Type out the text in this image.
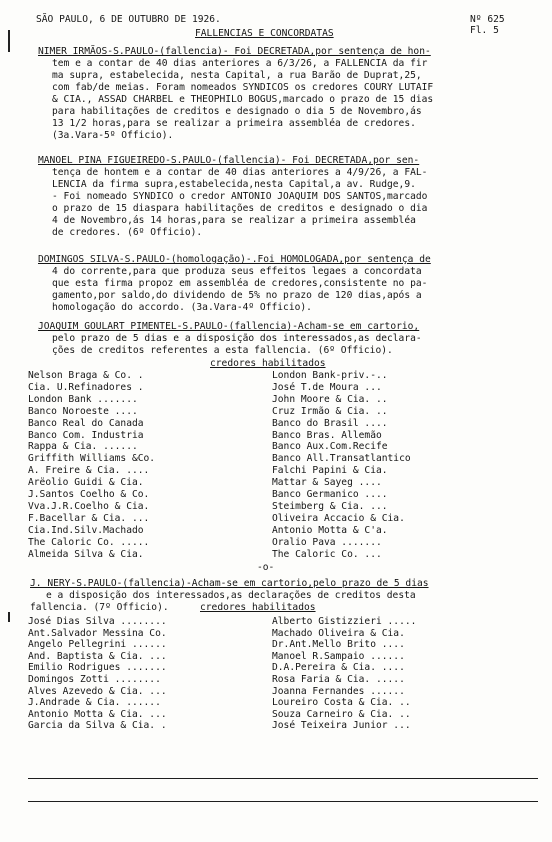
SÃO PAULO, 6 DE OUTUBRO DE 1926.	Nº 625
Fl. 5
FALLENCIAS E CONCORDATAS
NIMER IRMÃOS-S.PAULO-(fallencia)- Foi DECRETADA,por sentença de hon-
tem e a contar de 40 dias anteriores a 6/3/26, a FALLENCIA da fir
ma supra, estabelecida, nesta Capital, a rua Barão de Duprat,25,
com fab/de meias. Foram nomeados SYNDICOS os credores COURY LUTAIF
& CIA., ASSAD CHARBEL e THEOPHILO BOGUS,marcado o prazo de 15 dias
para habilitações de creditos e designado o dia 5 de Novembro,ás
13 1/2 horas,para se realizar a primeira assembléa de credores.
(3a.Vara-5º Officio).
MANOEL PINA FIGUEIREDO-S.PAULO-(fallencia)- Foi DECRETADA,por sen-
tença de hontem e a contar de 40 dias anteriores a 4/9/26, a FAL-
LENCIA da firma supra,estabelecida,nesta Capital,a av. Rudge,9.
- Foi nomeado SYNDICO o credor ANTONIO JOAQUIM DOS SANTOS,marcado
o prazo de 15 diaspara habilitações de creditos e designado o dia
4 de Novembro,ás 14 horas,para se realizar a primeira assembléa
de credores. (6º Officio).
DOMINGOS SILVA-S.PAULO-(homologação)-.Foi HOMOLOGADA,por sentença de
4 do corrente,para que produza seus effeitos legaes a concordata
que esta firma propoz em assembléa de credores,consistente no pa-
gamento,por saldo,do dividendo de 5% no prazo de 120 dias,após a
homologação do accordo. (3a.Vara-4º Officio).
JOAQUIM GOULART PIMENTEL-S.PAULO-(fallencia)-Acham-se em cartorio,
pelo prazo de 5 dias e a disposição dos interessados,as declara-
ções de creditos referentes a esta fallencia. (6º Officio).
credores habilitados
Nelson Braga & Co. .	London Bank-priv.-..
Cia. U.Refinadores .	José T.de Moura ...
London Bank .......	John Moore & Cia. ..
Banco Noroeste ....	Cruz Irmão & Cia. ..
Banco Real do Canada	Banco do Brasil ....
Banco Com. Industria	Banco Bras. Allemão
Rappa & Cia. ......	Banco Aux.Com.Recife
Griffith Williams &Co.	Banco All.Transatlantico
A. Freire & Cia. ....	Falchi Papini & Cia.
Arëolio Guidi & Cia.	Mattar & Sayeg ....
J.Santos Coelho & Co.	Banco Germanico ....
Vva.J.R.Coelho & Cia.	Steimberg & Cia. ...
F.Bacellar & Cia. ...	Oliveira Accacio & Cia.
Cia.Ind.Silv.Machado	Antonio Motta & C'a.
The Caloric Co. .....	Oralio Pava .......
Almeida Silva & Cia.	The Caloric Co. ...
-o-
J. NERY-S.PAULO-(fallencia)-Acham-se em cartorio,pelo prazo de 5 dias
e a disposição dos interessados,as declarações de creditos desta
fallencia. (7º Officio).	credores habilitados
José Dias Silva ........	Alberto Gistizzieri .....
Ant.Salvador Messina Co.	Machado Oliveira & Cia.
Angelo Pellegrini ......	Dr.Ant.Mello Brito ....
And. Baptista & Cia. ...	Manoel R.Sampaio ......
Emilio Rodrigues .......	D.A.Pereira & Cia. ....
Domingos Zotti ........	Rosa Faria & Cia. .....
Alves Azevedo & Cia. ...	Joanna Fernandes ......
J.Andrade & Cia. ......	Loureiro Costa & Cia. ..
Antonio Motta & Cia. ...	Souza Carneiro & Cia. ..
Garcia da Silva & Cia. .	José Teixeira Junior ...
